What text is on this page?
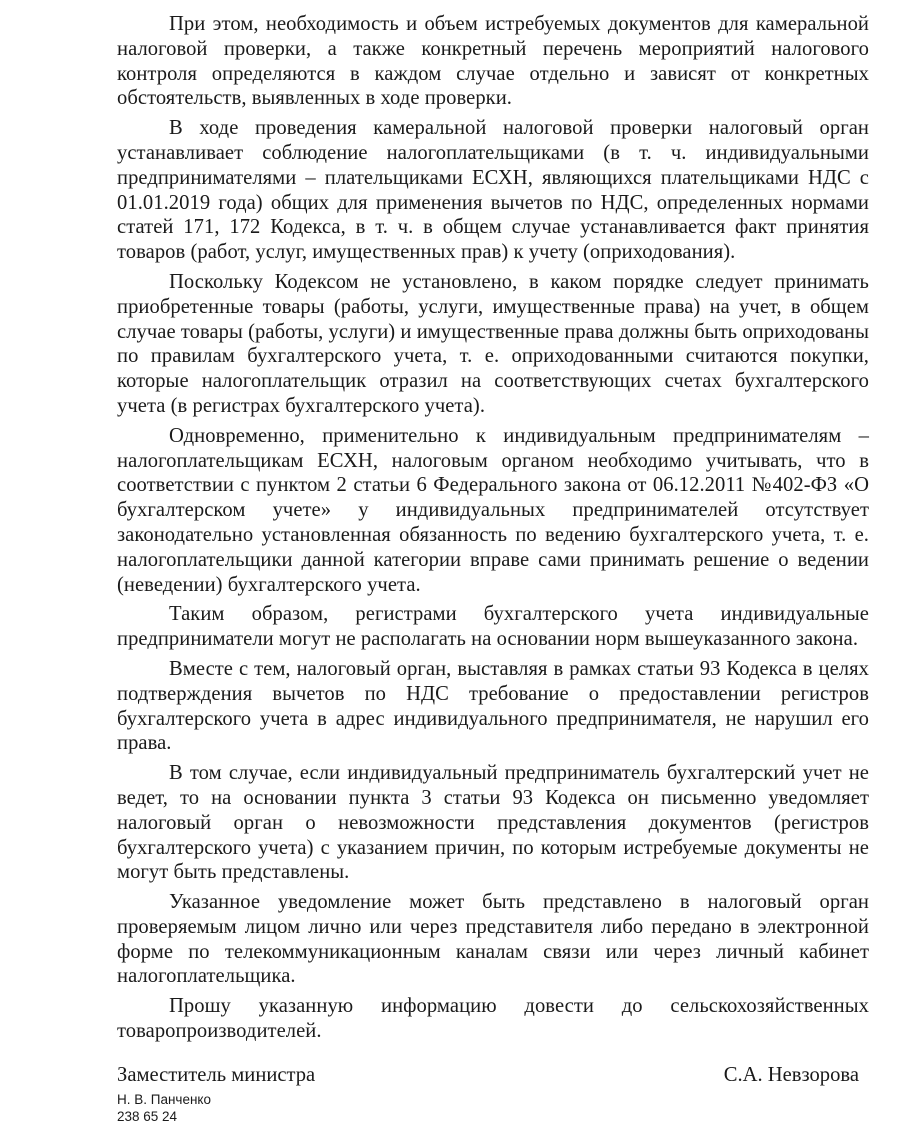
При этом, необходимость и объем истребуемых документов для камеральной налоговой проверки, а также конкретный перечень мероприятий налогового контроля определяются в каждом случае отдельно и зависят от конкретных обстоятельств, выявленных в ходе проверки.

В ходе проведения камеральной налоговой проверки налоговый орган устанавливает соблюдение налогоплательщиками (в т. ч. индивидуальными предпринимателями – плательщиками ЕСХН, являющихся плательщиками НДС с 01.01.2019 года) общих для применения вычетов по НДС, определенных нормами статей 171, 172 Кодекса, в т. ч. в общем случае устанавливается факт принятия товаров (работ, услуг, имущественных прав) к учету (оприходования).

Поскольку Кодексом не установлено, в каком порядке следует принимать приобретенные товары (работы, услуги, имущественные права) на учет, в общем случае товары (работы, услуги) и имущественные права должны быть оприходованы по правилам бухгалтерского учета, т. е. оприходованными считаются покупки, которые налогоплательщик отразил на соответствующих счетах бухгалтерского учета (в регистрах бухгалтерского учета).

Одновременно, применительно к индивидуальным предпринимателям – налогоплательщикам ЕСХН, налоговым органом необходимо учитывать, что в соответствии с пунктом 2 статьи 6 Федерального закона от 06.12.2011 №402-ФЗ «О бухгалтерском учете» у индивидуальных предпринимателей отсутствует законодательно установленная обязанность по ведению бухгалтерского учета, т. е. налогоплательщики данной категории вправе сами принимать решение о ведении (неведении) бухгалтерского учета.

Таким образом, регистрами бухгалтерского учета индивидуальные предприниматели могут не располагать на основании норм вышеуказанного закона.

Вместе с тем, налоговый орган, выставляя в рамках статьи 93 Кодекса в целях подтверждения вычетов по НДС требование о предоставлении регистров бухгалтерского учета в адрес индивидуального предпринимателя, не нарушил его права.

В том случае, если индивидуальный предприниматель бухгалтерский учет не ведет, то на основании пункта 3 статьи 93 Кодекса он письменно уведомляет налоговый орган о невозможности представления документов (регистров бухгалтерского учета) с указанием причин, по которым истребуемые документы не могут быть представлены.

Указанное уведомление может быть представлено в налоговый орган проверяемым лицом лично или через представителя либо передано в электронной форме по телекоммуникационным каналам связи или через личный кабинет налогоплательщика.

Прошу указанную информацию довести до сельскохозяйственных товаропроизводителей.

Заместитель министра	С.А. Невзорова
Н. В. Панченко
238 65 24
